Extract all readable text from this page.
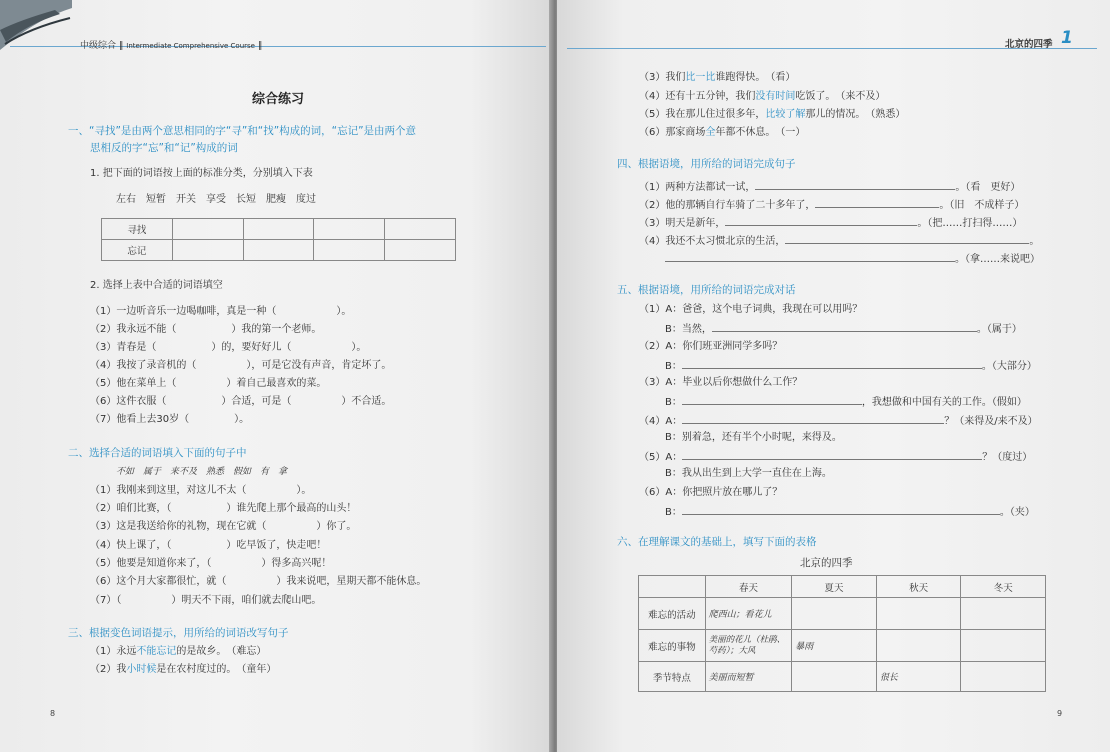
中级综合 ‖ Intermediate Comprehensive Course ‖
综合练习
一、“寻找”是由两个意思相同的字“寻”和“找”构成的词，“忘记”是由两个意
思相反的字“忘”和“记”构成的词
1. 把下面的词语按上面的标准分类，分别填入下表
左右　短暂　开关　享受　长短　肥瘦　度过
寻找				
忘记				
2. 选择上表中合适的词语填空
（1）一边听音乐一边喝咖啡，真是一种（	）。
（2）我永远不能（	）我的第一个老师。
（3）青春是（	）的，要好好儿（	）。
（4）我按了录音机的（	），可是它没有声音，肯定坏了。
（5）他在菜单上（	）着自己最喜欢的菜。
（6）这件衣服（	）合适，可是（	）不合适。
（7）他看上去30岁（	）。
二、选择合适的词语填入下面的句子中
不如　属于　来不及　熟悉　假如　有　拿
（1）我刚来到这里，对这儿不太（	）。
（2）咱们比赛，（	）谁先爬上那个最高的山头！
（3）这是我送给你的礼物，现在它就（	）你了。
（4）快上课了，（	）吃早饭了，快走吧！
（5）他要是知道你来了，（	）得多高兴呢！
（6）这个月大家都很忙，就（	）我来说吧，星期天都不能休息。
（7）（	）明天不下雨，咱们就去爬山吧。
三、根据变色词语提示，用所给的词语改写句子
（1）永远不能忘记的是故乡。　（难忘）
（2）我小时候是在农村度过的。　（童年）
8
北京的四季 1
（3）我们比一比谁跑得快。　（看）
（4）还有十五分钟，我们没有时间吃饭了。　（来不及）
（5）我在那儿住过很多年，比较了解那儿的情况。　（熟悉）
（6）那家商场全年都不休息。　（一）
四、根据语境，用所给的词语完成句子
（1）两种方法都试一试，	。（看　更好）
（2）他的那辆自行车骑了二十多年了，	。（旧　不成样子）
（3）明天是新年，	。（把……打扫得……）
（4）我还不太习惯北京的生活，	。
。（拿……来说吧）
五、根据语境，用所给的词语完成对话
（1）A：爸爸，这个电子词典，我现在可以用吗？
B：当然，	。（属于）
（2）A：你们班亚洲同学多吗？
B：	。（大部分）
（3）A：毕业以后你想做什么工作？
B：	，我想做和中国有关的工作。（假如）
（4）A：	？（来得及/来不及）
B：别着急，还有半个小时呢，来得及。
（5）A：	？（度过）
B：我从出生到上大学一直住在上海。
（6）A：你把照片放在哪儿了？
B：	。（夹）
六、在理解课文的基础上，填写下面的表格
北京的四季
	春天	夏天	秋天	冬天
难忘的活动	爬西山；看花儿			
难忘的事物	美丽的花儿（杜鹃、芍药）；大风	暴雨		
季节特点	美丽而短暂		很长	
9
